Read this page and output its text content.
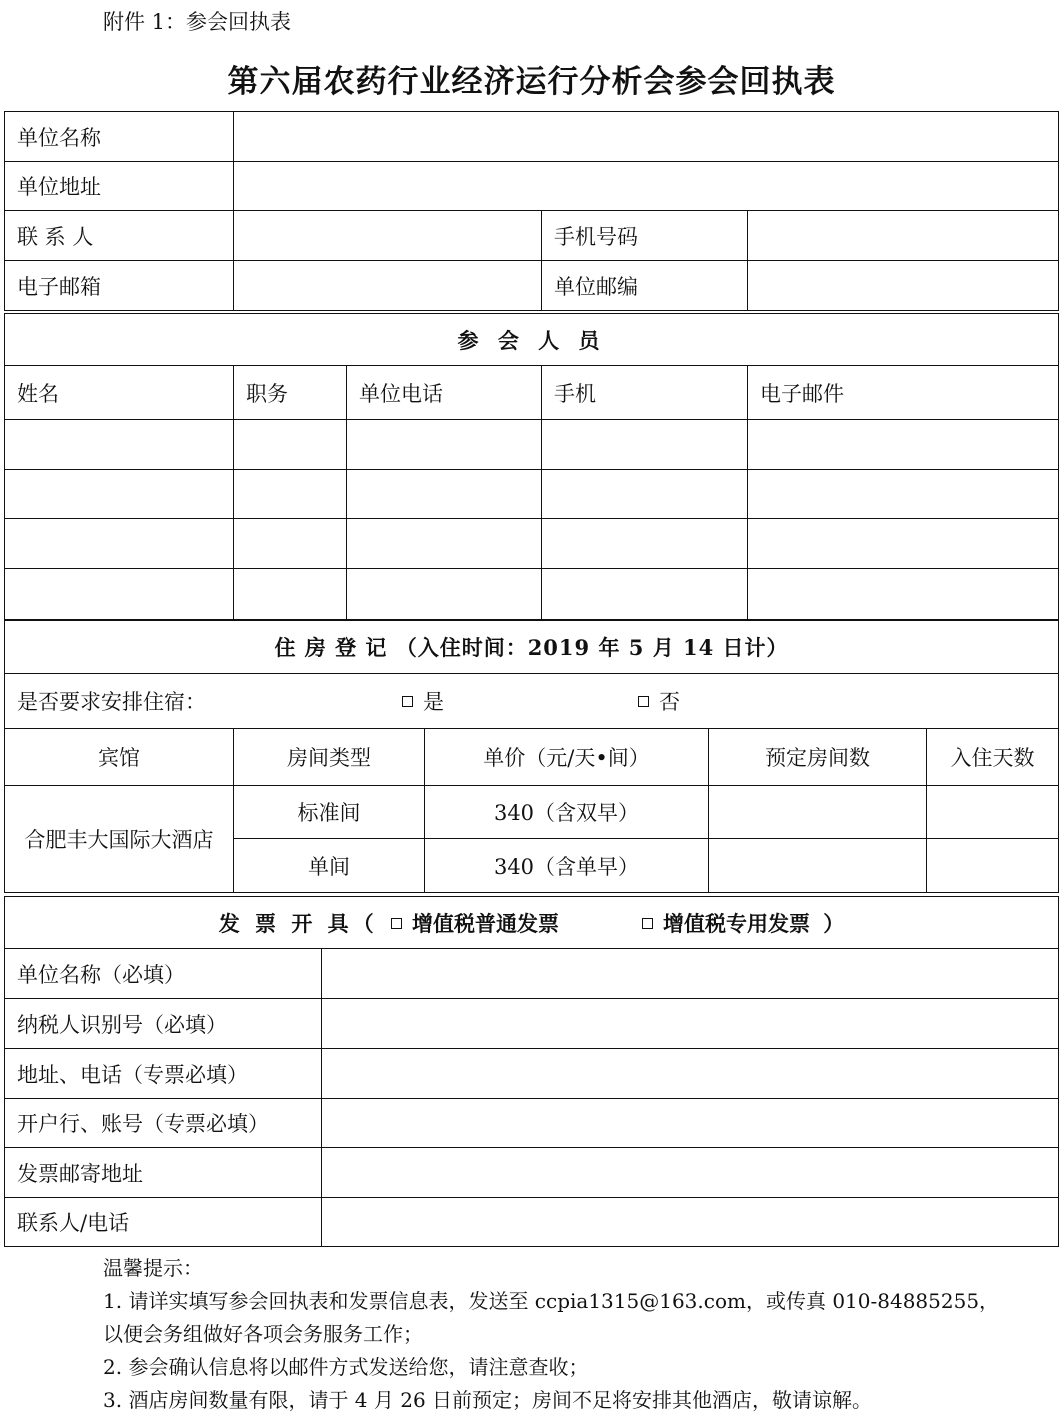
附件 1：参会回执表
第六届农药行业经济运行分析会参会回执表
单位名称			
单位地址			
联 系 人		手机号码	
电子邮箱		单位邮编	
参 会 人 员				
姓名	职务	单位电话	手机	电子邮件

住 房 登 记 （入住时间：2019 年 5 月 14 日计）				
是否要求安排住宿： 是 否				
宾馆	房间类型	单价（元/天•间）	预定房间数	入住天数
合肥丰大国际大酒店	标准间	340（含双早）		
	单间	340（含单早）		
发 票 开 具（ 增值税普通发票 增值税专用发票 ）	
单位名称（必填）	
纳税人识别号（必填）	
地址、电话（专票必填）	
开户行、账号（专票必填）	
发票邮寄地址	
联系人/电话	
温馨提示：
1. 请详实填写参会回执表和发票信息表，发送至 ccpia1315@163.com，或传真 010-84885255，
以便会务组做好各项会务服务工作；
2. 参会确认信息将以邮件方式发送给您，请注意查收；
3. 酒店房间数量有限，请于 4 月 26 日前预定；房间不足将安排其他酒店，敬请谅解。
